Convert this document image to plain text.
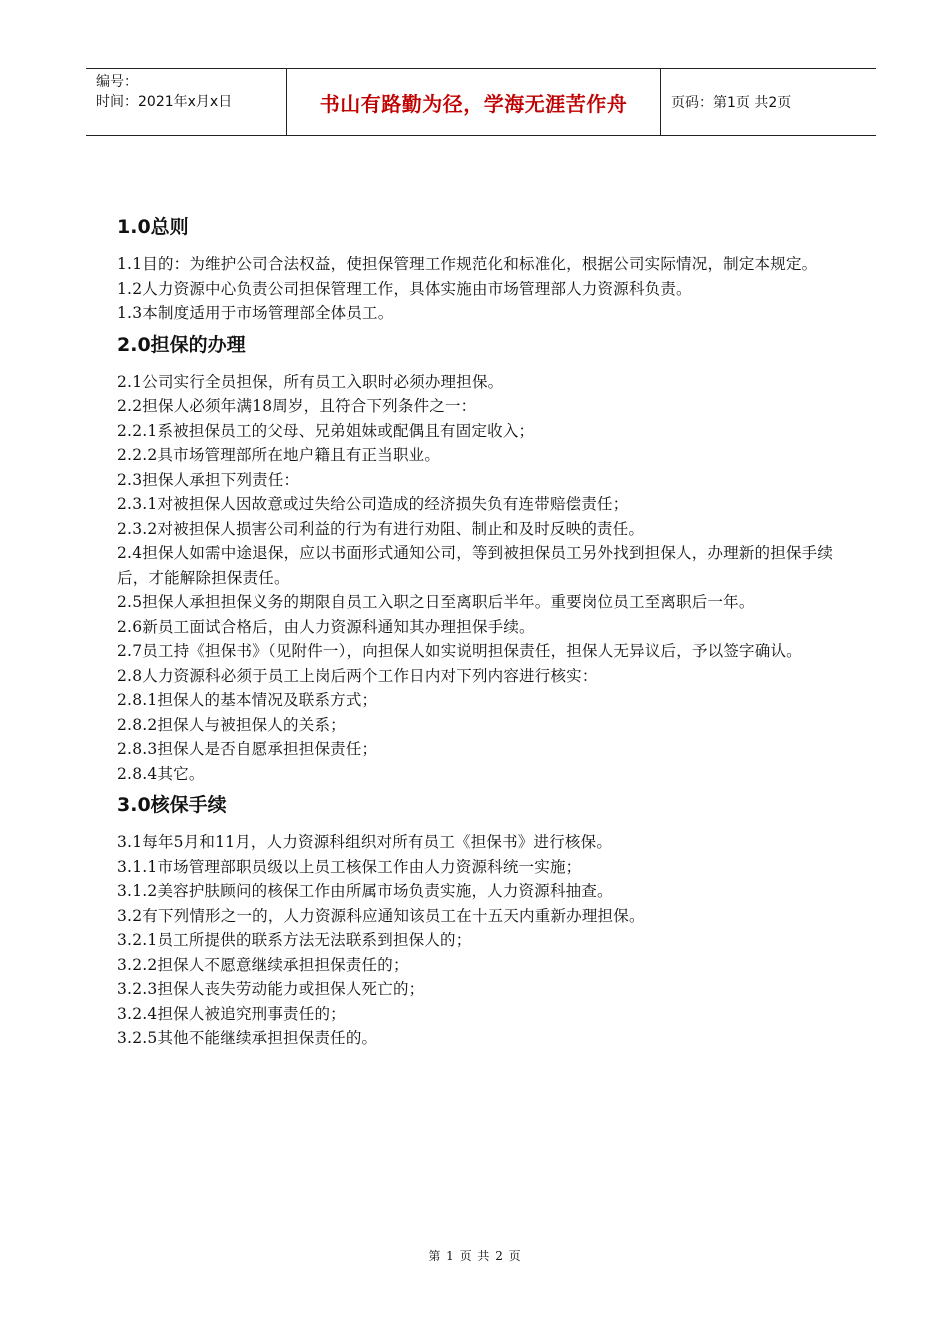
编号：
时间：2021年x月x日	书山有路勤为径，学海无涯苦作舟	页码：第1页 共2页
1.0总则

1.1目的：为维护公司合法权益，使担保管理工作规范化和标准化，根据公司实际情况，制定本规定。

1.2人力资源中心负责公司担保管理工作，具体实施由市场管理部人力资源科负责。

1.3本制度适用于市场管理部全体员工。

2.0担保的办理

2.1公司实行全员担保，所有员工入职时必须办理担保。

2.2担保人必须年满18周岁，且符合下列条件之一：

2.2.1系被担保员工的父母、兄弟姐妹或配偶且有固定收入；

2.2.2具市场管理部所在地户籍且有正当职业。

2.3担保人承担下列责任：

2.3.1对被担保人因故意或过失给公司造成的经济损失负有连带赔偿责任；

2.3.2对被担保人损害公司利益的行为有进行劝阻、制止和及时反映的责任。

2.4担保人如需中途退保，应以书面形式通知公司，等到被担保员工另外找到担保人，办理新的担保手续后，才能解除担保责任。

2.5担保人承担担保义务的期限自员工入职之日至离职后半年。重要岗位员工至离职后一年。

2.6新员工面试合格后，由人力资源科通知其办理担保手续。

2.7员工持《担保书》（见附件一），向担保人如实说明担保责任，担保人无异议后，予以签字确认。

2.8人力资源科必须于员工上岗后两个工作日内对下列内容进行核实：

2.8.1担保人的基本情况及联系方式；

2.8.2担保人与被担保人的关系；

2.8.3担保人是否自愿承担担保责任；

2.8.4其它。

3.0核保手续

3.1每年5月和11月，人力资源科组织对所有员工《担保书》进行核保。

3.1.1市场管理部职员级以上员工核保工作由人力资源科统一实施；

3.1.2美容护肤顾问的核保工作由所属市场负责实施，人力资源科抽查。

3.2有下列情形之一的，人力资源科应通知该员工在十五天内重新办理担保。

3.2.1员工所提供的联系方法无法联系到担保人的；

3.2.2担保人不愿意继续承担担保责任的；

3.2.3担保人丧失劳动能力或担保人死亡的；

3.2.4担保人被追究刑事责任的；

3.2.5其他不能继续承担担保责任的。

第 1 页 共 2 页
